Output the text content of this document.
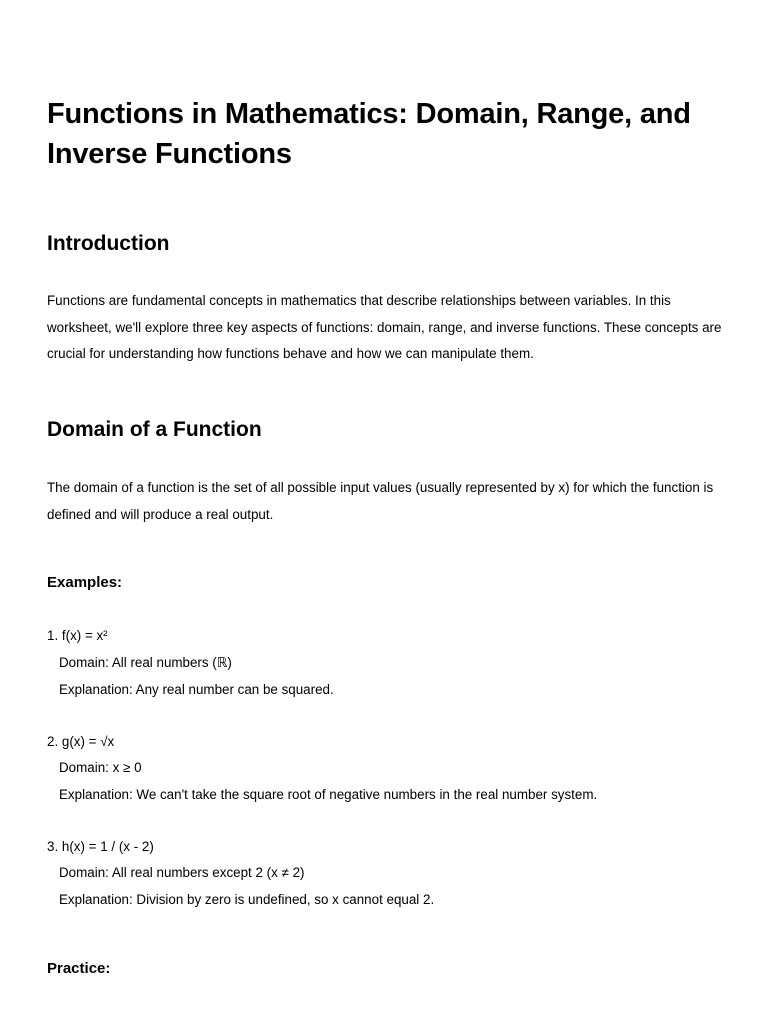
Functions in Mathematics: Domain, Range, and Inverse Functions
Introduction

Functions are fundamental concepts in mathematics that describe relationships between variables. In this worksheet, we'll explore three key aspects of functions: domain, range, and inverse functions. These concepts are crucial for understanding how functions behave and how we can manipulate them.

Domain of a Function

The domain of a function is the set of all possible input values (usually represented by x) for which the function is defined and will produce a real output.

Examples:

1. f(x) = x²

Domain: All real numbers (ℝ)

Explanation: Any real number can be squared.

2. g(x) = √x

Domain: x ≥ 0

Explanation: We can't take the square root of negative numbers in the real number system.

3. h(x) = 1 / (x - 2)

Domain: All real numbers except 2 (x ≠ 2)

Explanation: Division by zero is undefined, so x cannot equal 2.

Practice:
